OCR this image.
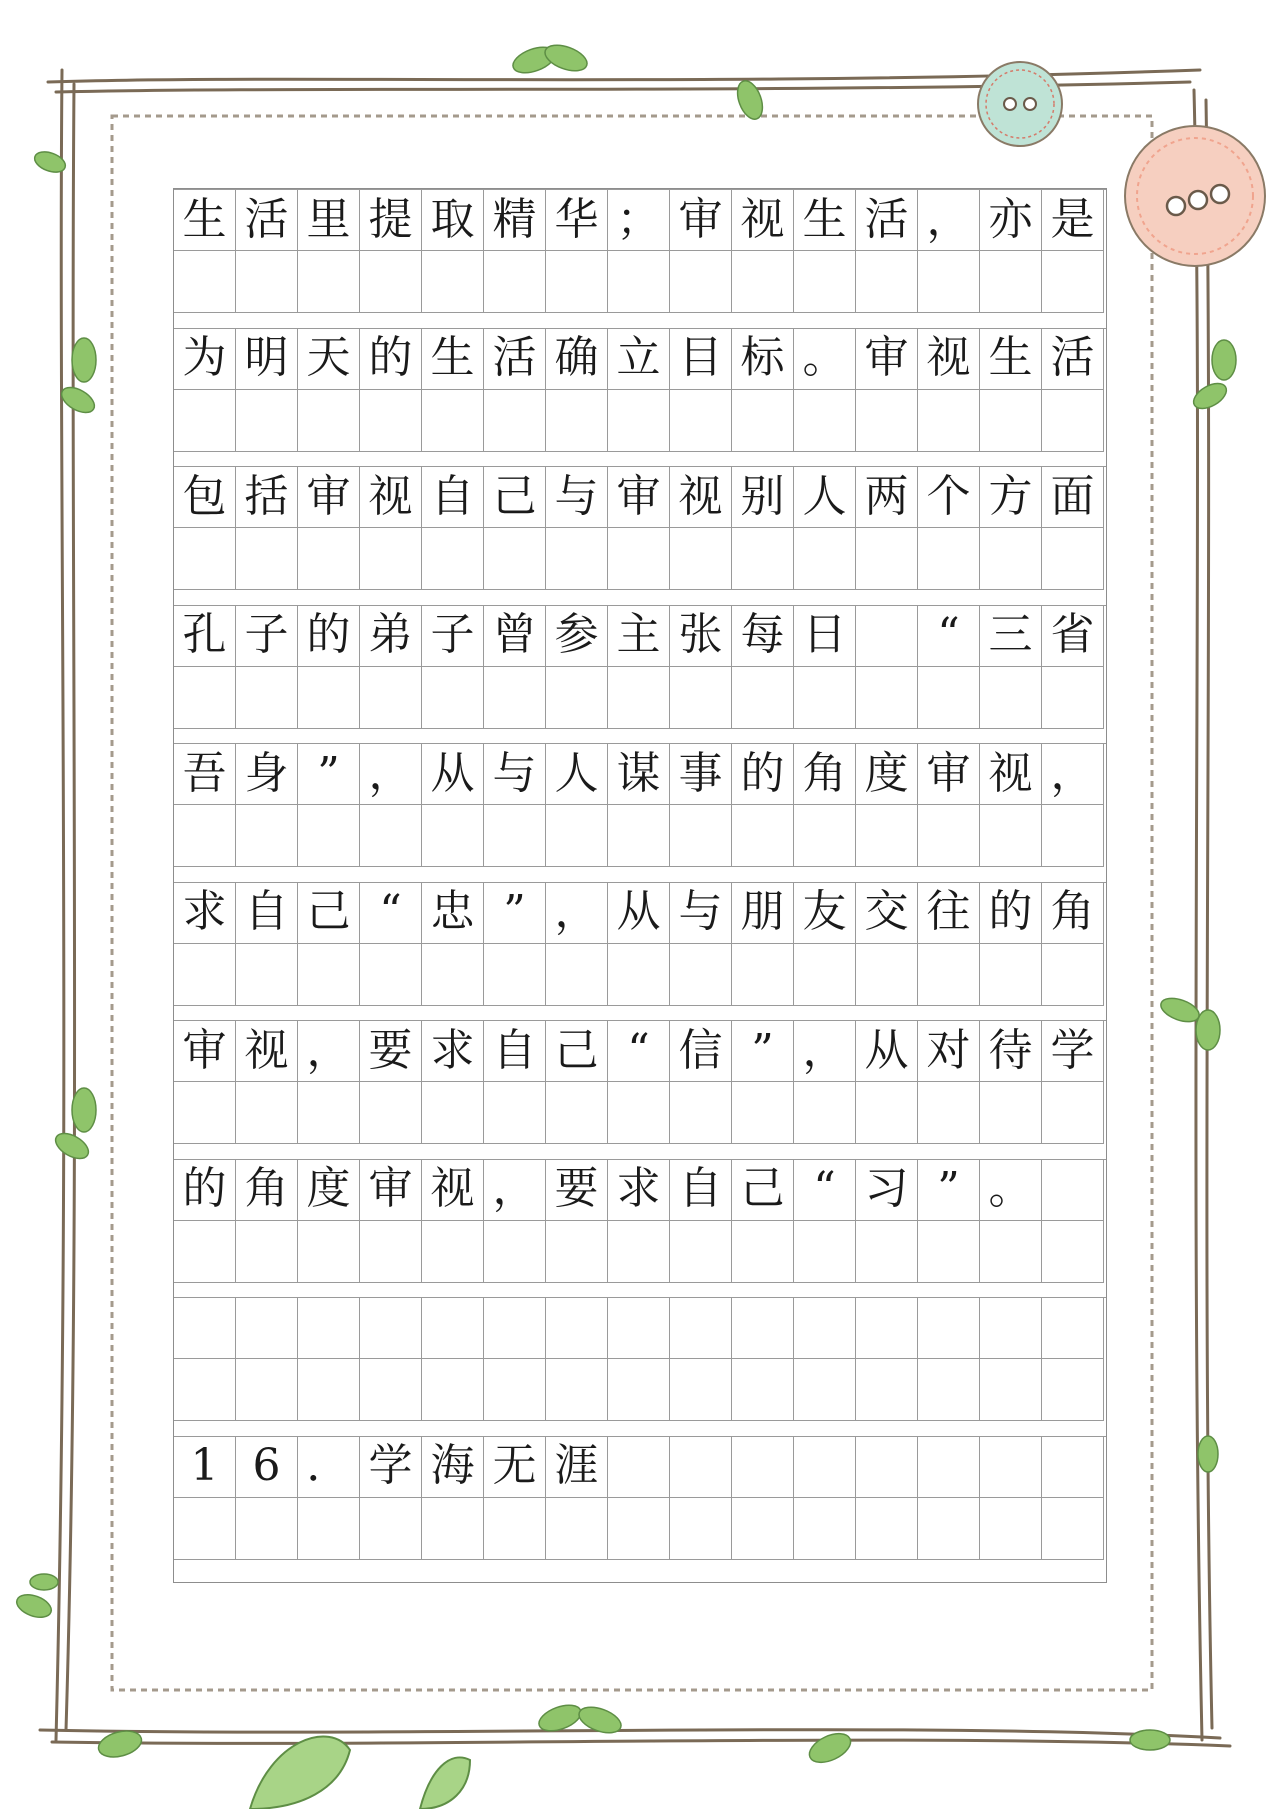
生 活 里 提 取 精 华 ； 审 视 生 活 ， 亦 是
为 明 天 的 生 活 确 立 目 标 。 审 视 生 活
包 括 审 视 自 己 与 审 视 别 人 两 个 方 面
孔 子 的 弟 子 曾 参 主 张 每 日	“ 三 省
吾 身 ” ， 从 与 人 谋 事 的 角 度 审 视 ，
求 自 己 “ 忠 ” ， 从 与 朋 友 交 往 的 角
审 视 ， 要 求 自 己 “ 信 ” ， 从 对 待 学
的 角 度 审 视 ， 要 求 自 己 “ 习 ” 。
1 6 ． 学 海 无 涯
